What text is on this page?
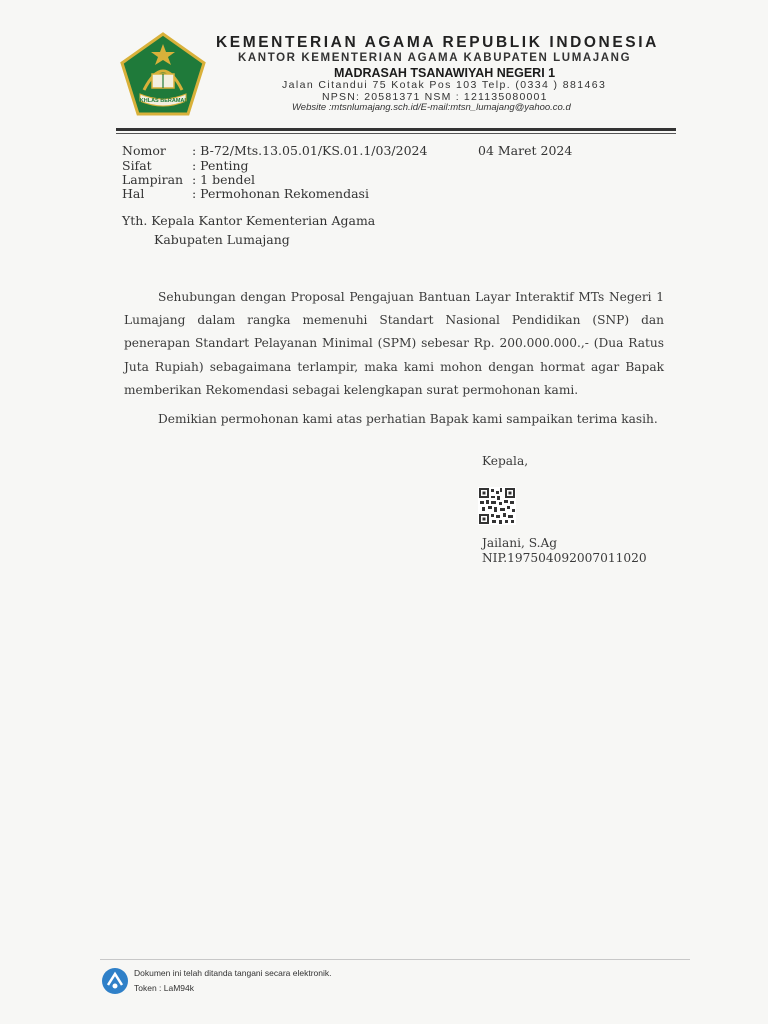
IKHLAS BERAMAL
KEMENTERIAN AGAMA REPUBLIK INDONESIA
KANTOR KEMENTERIAN AGAMA KABUPATEN LUMAJANG
MADRASAH TSANAWIYAH NEGERI 1
Jalan Citandui 75 Kotak Pos 103 Telp. (0334 ) 881463
NPSN: 20581371 NSM : 121135080001
Website :mtsnlumajang.sch.id/E-mail:mtsn_lumajang@yahoo.co.d
Nomor : B-72/Mts.13.05.01/KS.01.1/03/2024
Sifat	: Penting
Lampiran : 1 bendel
Hal	: Permohonan Rekomendasi
04 Maret 2024
Yth. Kepala Kantor Kementerian Agama
Kabupaten Lumajang

Sehubungan dengan Proposal Pengajuan Bantuan Layar Interaktif MTs Negeri 1 Lumajang dalam rangka memenuhi Standart Nasional Pendidikan (SNP) dan penerapan Standart Pelayanan Minimal (SPM) sebesar Rp. 200.000.000.,- (Dua Ratus Juta Rupiah) sebagaimana terlampir, maka kami mohon dengan hormat agar Bapak memberikan Rekomendasi sebagai kelengkapan surat permohonan kami.

Demikian permohonan kami atas perhatian Bapak kami sampaikan terima kasih.
Kepala,
Jailani, S.Ag
NIP.197504092007011020
Dokumen ini telah ditanda tangani secara elektronik.
Token : LaM94k
